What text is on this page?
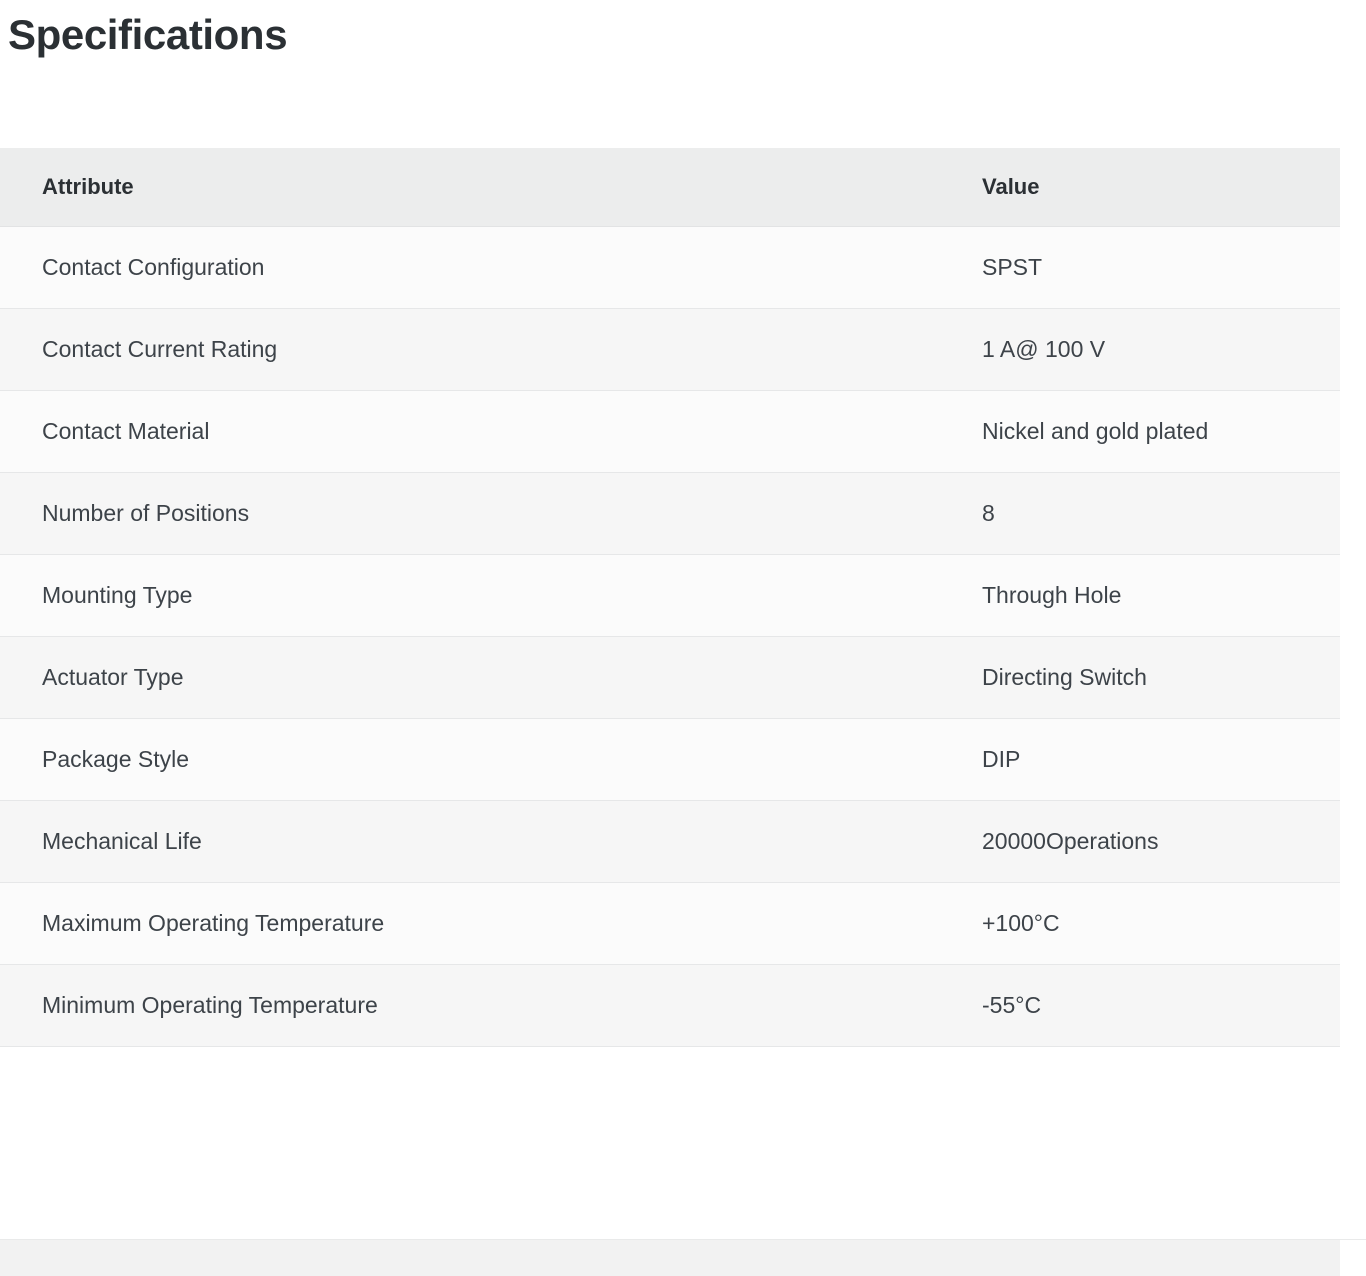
Specifications
Attribute	Value
Contact Configuration	SPST
Contact Current Rating	1 A@ 100 V
Contact Material	Nickel and gold plated
Number of Positions	8
Mounting Type	Through Hole
Actuator Type	Directing Switch
Package Style	DIP
Mechanical Life	20000Operations
Maximum Operating Temperature	+100°C
Minimum Operating Temperature	-55°C
